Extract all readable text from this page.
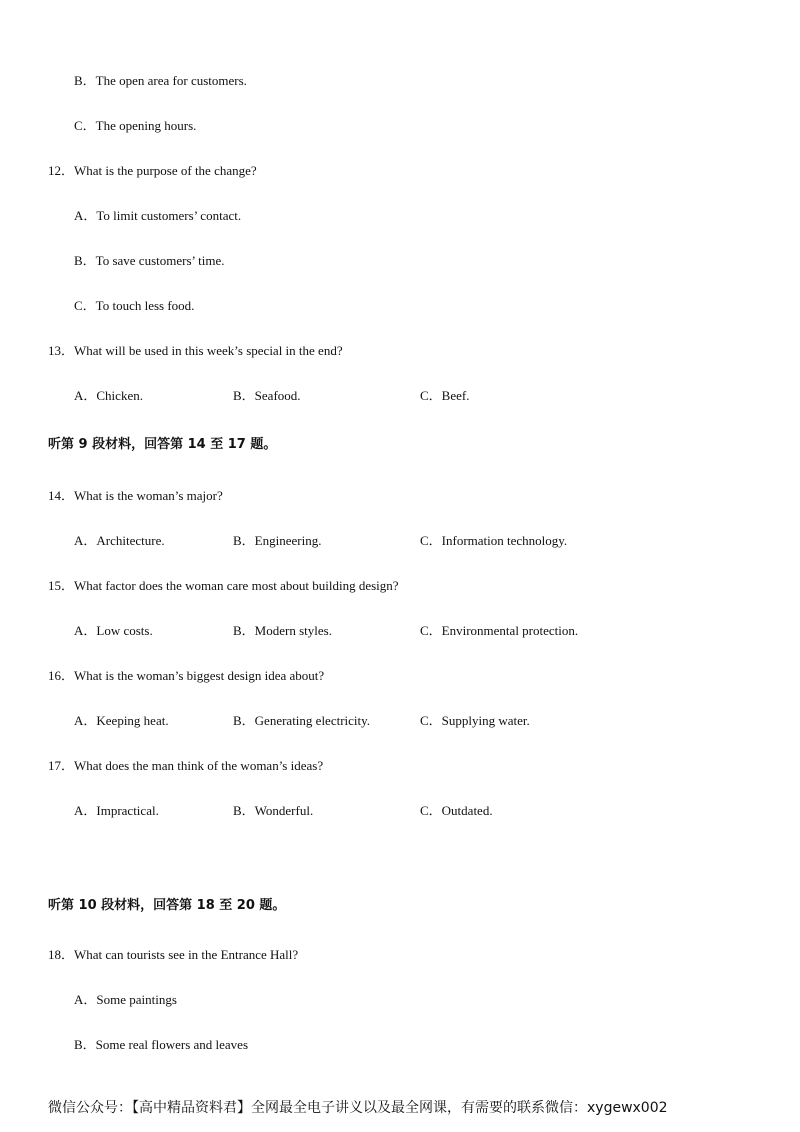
B．The open area for customers.
C．The opening hours.
12．What is the purpose of the change?
A．To limit customers’ contact.
B．To save customers’ time.
C．To touch less food.
13．What will be used in this week’s special in the end?
A．Chicken.	B．Seafood.	C．Beef.
听第 9 段材料，回答第 14 至 17 题。
14．What is the woman’s major?
A．Architecture.	B．Engineering.	C．Information technology.
15．What factor does the woman care most about building design?
A．Low costs.	B．Modern styles.	C．Environmental protection.
16．What is the woman’s biggest design idea about?
A．Keeping heat.	B．Generating electricity.	C．Supplying water.
17．What does the man think of the woman’s ideas?
A．Impractical.	B．Wonderful.	C．Outdated.
听第 10 段材料，回答第 18 至 20 题。
18．What can tourists see in the Entrance Hall?
A．Some paintings
B．Some real flowers and leaves
微信公众号：【高中精品资料君】全网最全电子讲义以及最全网课，有需要的联系微信：xygewx002
